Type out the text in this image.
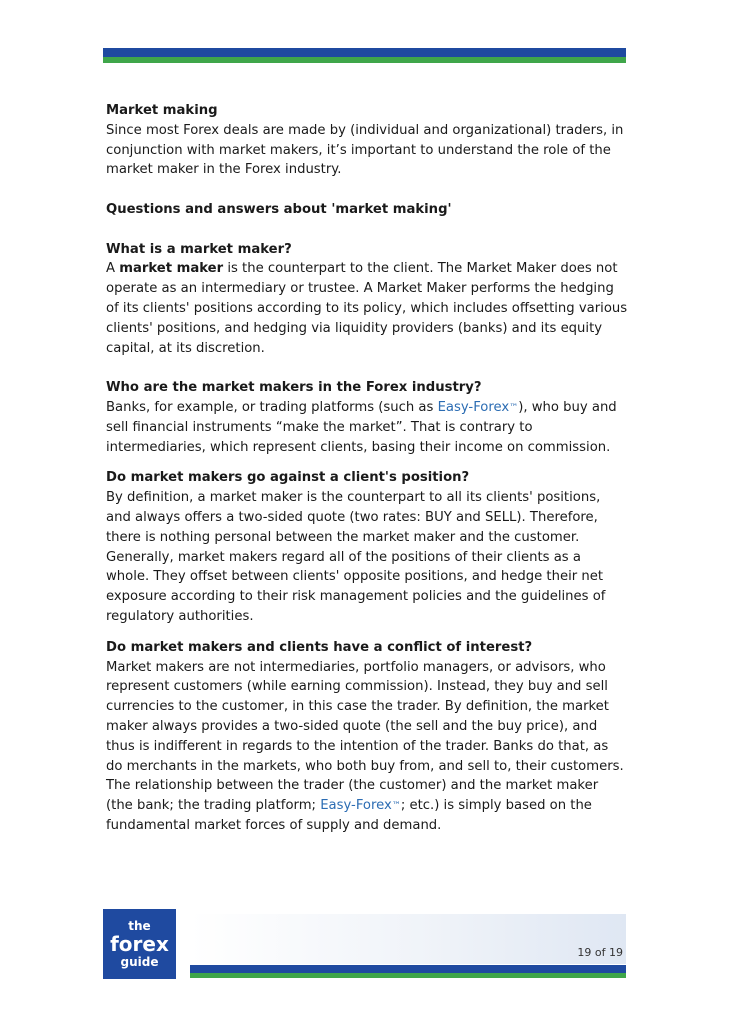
Market making

Since most Forex deals are made by (individual and organizational) traders, in conjunction with market makers, it’s important to understand the role of the market maker in the Forex industry.

Questions and answers about 'market making'

What is a market maker?

A market maker is the counterpart to the client. The Market Maker does not operate as an intermediary or trustee. A Market Maker performs the hedging of its clients' positions according to its policy, which includes offsetting various clients' positions, and hedging via liquidity providers (banks) and its equity capital, at its discretion.

Who are the market makers in the Forex industry?

Banks, for example, or trading platforms (such as Easy-Forex™), who buy and sell financial instruments “make the market”. That is contrary to intermediaries, which represent clients, basing their income on commission.

Do market makers go against a client's position?

By definition, a market maker is the counterpart to all its clients' positions, and always offers a two-sided quote (two rates: BUY and SELL). Therefore, there is nothing personal between the market maker and the customer. Generally, market makers regard all of the positions of their clients as a whole. They offset between clients' opposite positions, and hedge their net exposure according to their risk management policies and the guidelines of regulatory authorities.

Do market makers and clients have a conflict of interest?

Market makers are not intermediaries, portfolio managers, or advisors, who represent customers (while earning commission). Instead, they buy and sell currencies to the customer, in this case the trader. By definition, the market maker always provides a two-sided quote (the sell and the buy price), and thus is indifferent in regards to the intention of the trader. Banks do that, as do merchants in the markets, who both buy from, and sell to, their customers. The relationship between the trader (the customer) and the market maker (the bank; the trading platform; Easy-Forex™; etc.) is simply based on the fundamental market forces of supply and demand.

the
forex
guide
19 of 19
